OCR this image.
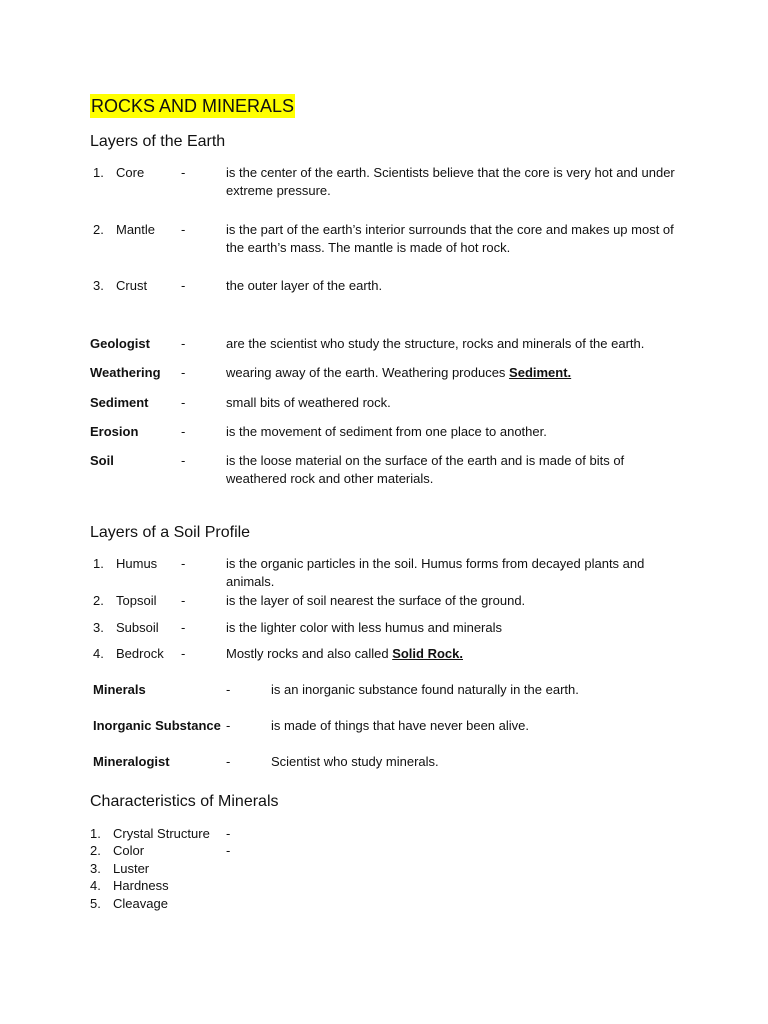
ROCKS AND MINERALS
Layers of the Earth
1. Core	-	is the center of the earth. Scientists believe that the core is very hot and under extreme pressure.
2. Mantle -	is the part of the earth’s interior surrounds that the core and makes up most of the earth’s mass. The mantle is made of hot rock.
3. Crust	-	the outer layer of the earth.
Geologist -	are the scientist who study the structure, rocks and minerals of the earth.
Weathering -	wearing away of the earth. Weathering produces Sediment.
Sediment -	small bits of weathered rock.
Erosion	-	is the movement of sediment from one place to another.
Soil	-	is the loose material on the surface of the earth and is made of bits of weathered rock and other materials.
Layers of a Soil Profile
1. Humus -	is the organic particles in the soil. Humus forms from decayed plants and animals.
2. Topsoil -	is the layer of soil nearest the surface of the ground.
3. Subsoil -	is the lighter color with less humus and minerals
4. Bedrock -	Mostly rocks and also called Solid Rock.
Minerals	-	is an inorganic substance found naturally in the earth.
Inorganic Substance -	is made of things that have never been alive.
Mineralogist	-	Scientist who study minerals.
Characteristics of Minerals
1. Crystal Structure -
2. Color	-
3. Luster
4. Hardness
5. Cleavage
